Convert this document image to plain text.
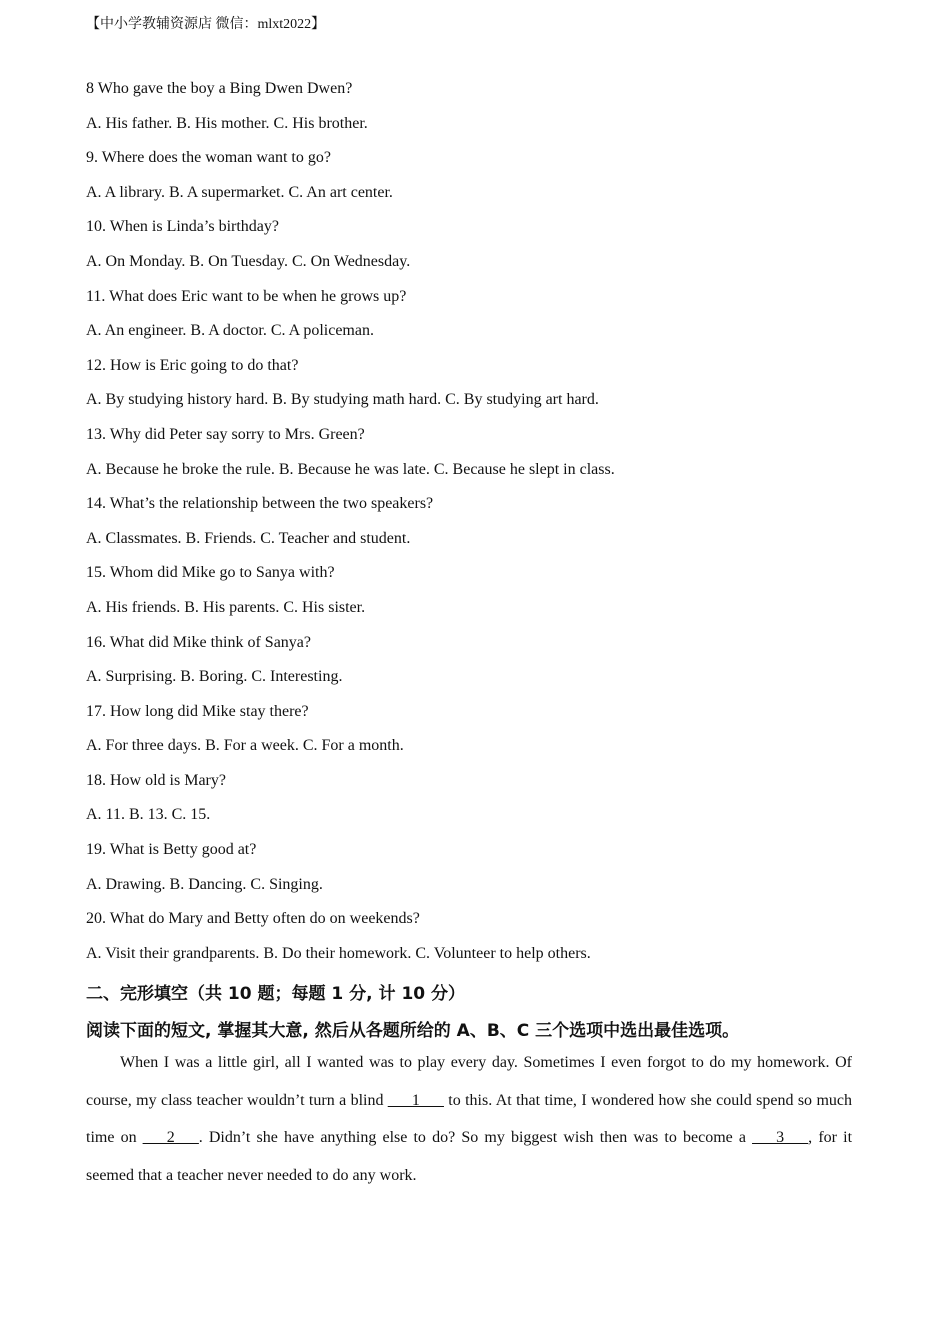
【中小学教辅资源店 微信：mlxt2022】
8 Who gave the boy a Bing Dwen Dwen?
A. His father. B. His mother. C. His brother.
9. Where does the woman want to go?
A. A library. B. A supermarket. C. An art center.
10. When is Linda’s birthday?
A. On Monday. B. On Tuesday. C. On Wednesday.
11. What does Eric want to be when he grows up?
A. An engineer. B. A doctor. C. A policeman.
12. How is Eric going to do that?
A. By studying history hard. B. By studying math hard. C. By studying art hard.
13. Why did Peter say sorry to Mrs. Green?
A. Because he broke the rule. B. Because he was late. C. Because he slept in class.
14. What’s the relationship between the two speakers?
A. Classmates. B. Friends. C. Teacher and student.
15. Whom did Mike go to Sanya with?
A. His friends. B. His parents. C. His sister.
16. What did Mike think of Sanya?
A. Surprising. B. Boring. C. Interesting.
17. How long did Mike stay there?
A. For three days. B. For a week. C. For a month.
18. How old is Mary?
A. 11. B. 13. C. 15.
19. What is Betty good at?
A. Drawing. B. Dancing. C. Singing.
20. What do Mary and Betty often do on weekends?
A. Visit their grandparents. B. Do their homework. C. Volunteer to help others.
二、完形填空（共 10 题；每题 1 分, 计 10 分）
阅读下面的短文, 掌握其大意, 然后从各题所给的 A、B、C 三个选项中选出最佳选项。

When I was a little girl, all I wanted was to play every day. Sometimes I even forgot to do my homework. Of course, my class teacher wouldn’t turn a blind ___1___ to this. At that time, I wondered how she could spend so much time on ___2___. Didn’t she have anything else to do? So my biggest wish then was to become a ___3___, for it seemed that a teacher never needed to do any work.
